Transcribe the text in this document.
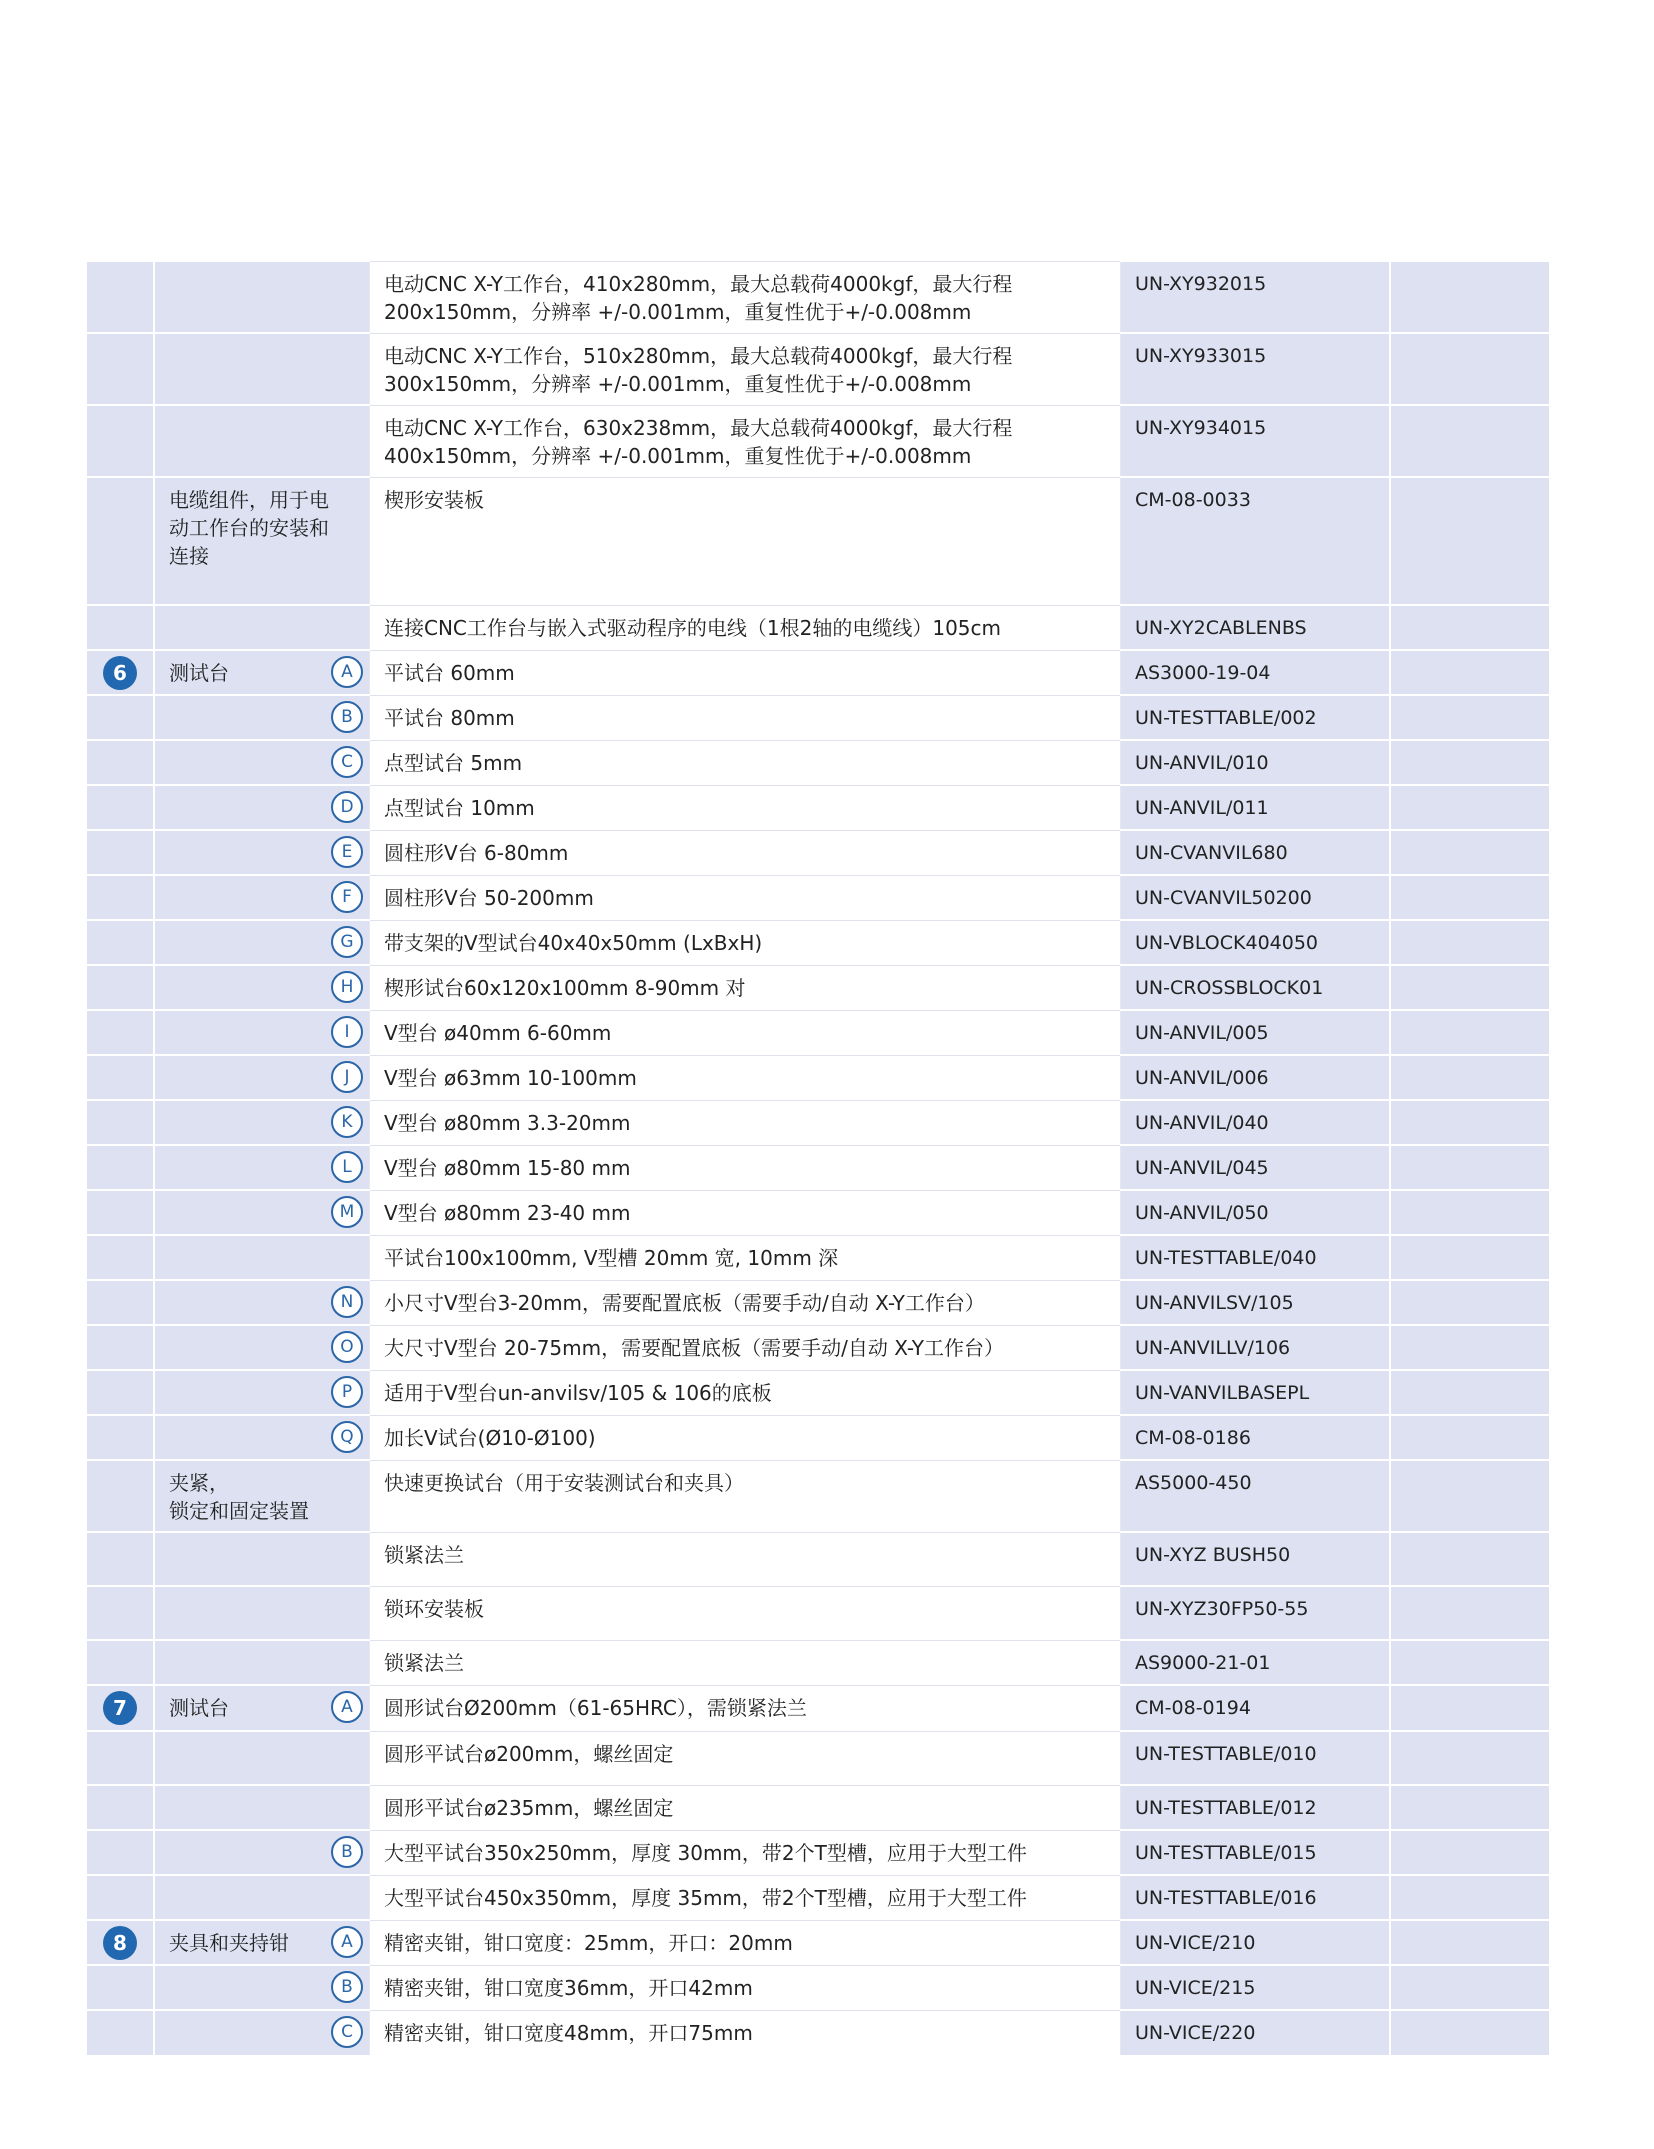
		电动CNC X-Y工作台，410x280mm，最大总载荷4000kgf，最大行程 200x150mm，分辨率 +/-0.001mm，重复性优于+/-0.008mm	UN-XY932015	

		电动CNC X-Y工作台，510x280mm，最大总载荷4000kgf，最大行程 300x150mm，分辨率 +/-0.001mm，重复性优于+/-0.008mm	UN-XY933015	

		电动CNC X-Y工作台，630x238mm，最大总载荷4000kgf，最大行程 400x150mm，分辨率 +/-0.001mm，重复性优于+/-0.008mm	UN-XY934015	

	电缆组件，用于电动工作台的安装和连接	楔形安装板	CM-08-0033	

		连接CNC工作台与嵌入式驱动程序的电线（1根2轴的电缆线）105cm	UN-XY2CABLENBS	

6	测试台 A	平试台 60mm	AS3000-19-04	

	B	平试台 80mm	UN-TESTTABLE/002	

	C	点型试台 5mm	UN-ANVIL/010	

	D	点型试台 10mm	UN-ANVIL/011	

	E	圆柱形V台 6-80mm	UN-CVANVIL680	

	F	圆柱形V台 50-200mm	UN-CVANVIL50200	

	G	带支架的V型试台40x40x50mm (LxBxH)	UN-VBLOCK404050	

	H	楔形试台60x120x100mm 8-90mm 对	UN-CROSSBLOCK01	

	I	V型台 ø40mm 6-60mm	UN-ANVIL/005	

	J	V型台 ø63mm 10-100mm	UN-ANVIL/006	

	K	V型台 ø80mm 3.3-20mm	UN-ANVIL/040	

	L	V型台 ø80mm 15-80 mm	UN-ANVIL/045	

	M	V型台 ø80mm 23-40 mm	UN-ANVIL/050	

		平试台100x100mm, V型槽 20mm 宽, 10mm 深	UN-TESTTABLE/040	

	N	小尺寸V型台3-20mm，需要配置底板（需要手动/自动 X-Y工作台）	UN-ANVILSV/105	

	O	大尺寸V型台 20-75mm，需要配置底板（需要手动/自动 X-Y工作台）	UN-ANVILLV/106	

	P	适用于V型台un-anvilsv/105 & 106的底板	UN-VANVILBASEPL	

	Q	加长V试台(Ø10-Ø100)	CM-08-0186	

	夹紧，
锁定和固定装置	快速更换试台（用于安装测试台和夹具）	AS5000-450	

		锁紧法兰	UN-XYZ BUSH50	

		锁环安装板	UN-XYZ30FP50-55	

		锁紧法兰	AS9000-21-01	

7	测试台 A	圆形试台Ø200mm（61-65HRC），需锁紧法兰	CM-08-0194	

		圆形平试台ø200mm，螺丝固定	UN-TESTTABLE/010	

		圆形平试台ø235mm，螺丝固定	UN-TESTTABLE/012	

	B	大型平试台350x250mm，厚度 30mm，带2个T型槽，应用于大型工件	UN-TESTTABLE/015	

		大型平试台450x350mm，厚度 35mm，带2个T型槽，应用于大型工件	UN-TESTTABLE/016	

8	夹具和夹持钳 A	精密夹钳，钳口宽度：25mm，开口：20mm	UN-VICE/210	

	B	精密夹钳，钳口宽度36mm，开口42mm	UN-VICE/215	

	C	精密夹钳，钳口宽度48mm，开口75mm	UN-VICE/220	
